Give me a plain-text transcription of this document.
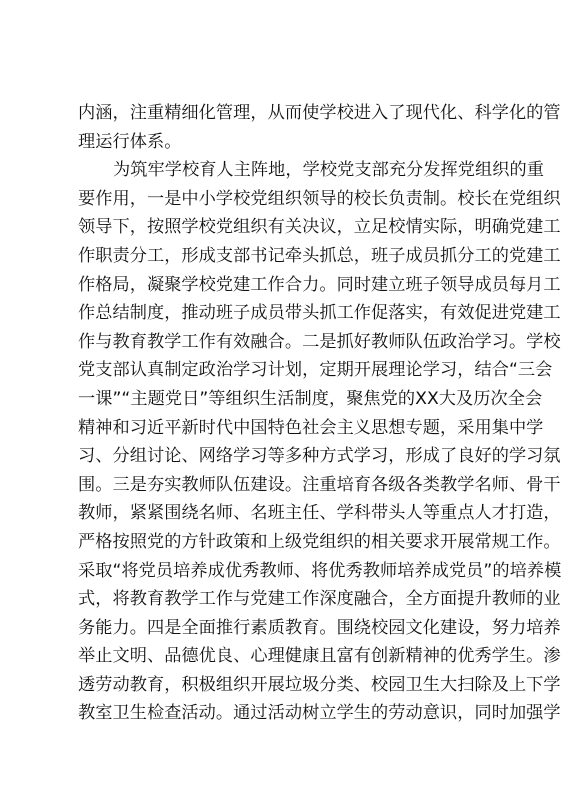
内涵，注重精细化管理，从而使学校进入了现代化、科学化的管
理运行体系。
为筑牢学校育人主阵地，学校党支部充分发挥党组织的重
要作用，一是中小学校党组织领导的校长负责制。校长在党组织
领导下，按照学校党组织有关决议，立足校情实际，明确党建工
作职责分工，形成支部书记牵头抓总，班子成员抓分工的党建工
作格局，凝聚学校党建工作合力。同时建立班子领导成员每月工
作总结制度，推动班子成员带头抓工作促落实，有效促进党建工
作与教育教学工作有效融合。二是抓好教师队伍政治学习。学校
党支部认真制定政治学习计划，定期开展理论学习，结合“三会
一课”“主题党日”等组织生活制度，聚焦党的XX大及历次全会
精神和习近平新时代中国特色社会主义思想专题，采用集中学
习、分组讨论、网络学习等多种方式学习，形成了良好的学习氛
围。三是夯实教师队伍建设。注重培育各级各类教学名师、骨干
教师，紧紧围绕名师、名班主任、学科带头人等重点人才打造，
严格按照党的方针政策和上级党组织的相关要求开展常规工作。
采取“将党员培养成优秀教师、将优秀教师培养成党员”的培养模
式，将教育教学工作与党建工作深度融合，全方面提升教师的业
务能力。四是全面推行素质教育。围绕校园文化建设，努力培养
举止文明、品德优良、心理健康且富有创新精神的优秀学生。渗
透劳动教育，积极组织开展垃圾分类、校园卫生大扫除及上下学
教室卫生检查活动。通过活动树立学生的劳动意识，同时加强学
